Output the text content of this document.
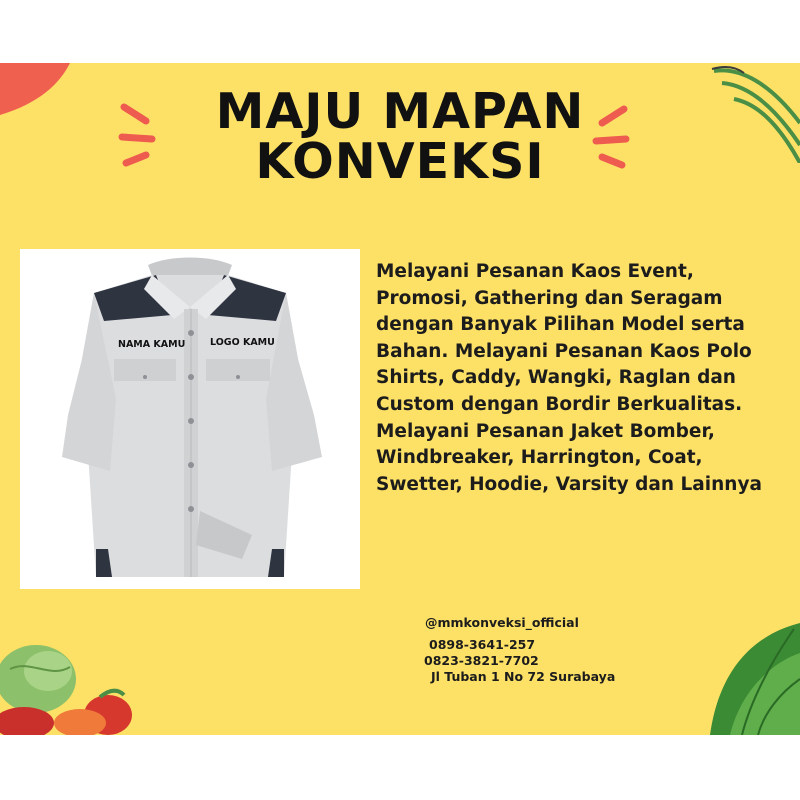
MAJU MAPAN
KONVEKSI
NAMA KAMU	LOGO KAMU
Melayani Pesanan Kaos Event, Promosi, Gathering dan Seragam dengan Banyak Pilihan Model serta Bahan. Melayani Pesanan Kaos Polo Shirts, Caddy, Wangki, Raglan dan Custom dengan Bordir Berkualitas. Melayani Pesanan Jaket Bomber, Windbreaker, Harrington, Coat, Swetter, Hoodie, Varsity dan Lainnya
@mmkonveksi_official
0898-3641-257
0823-3821-7702
Jl Tuban 1 No 72 Surabaya
